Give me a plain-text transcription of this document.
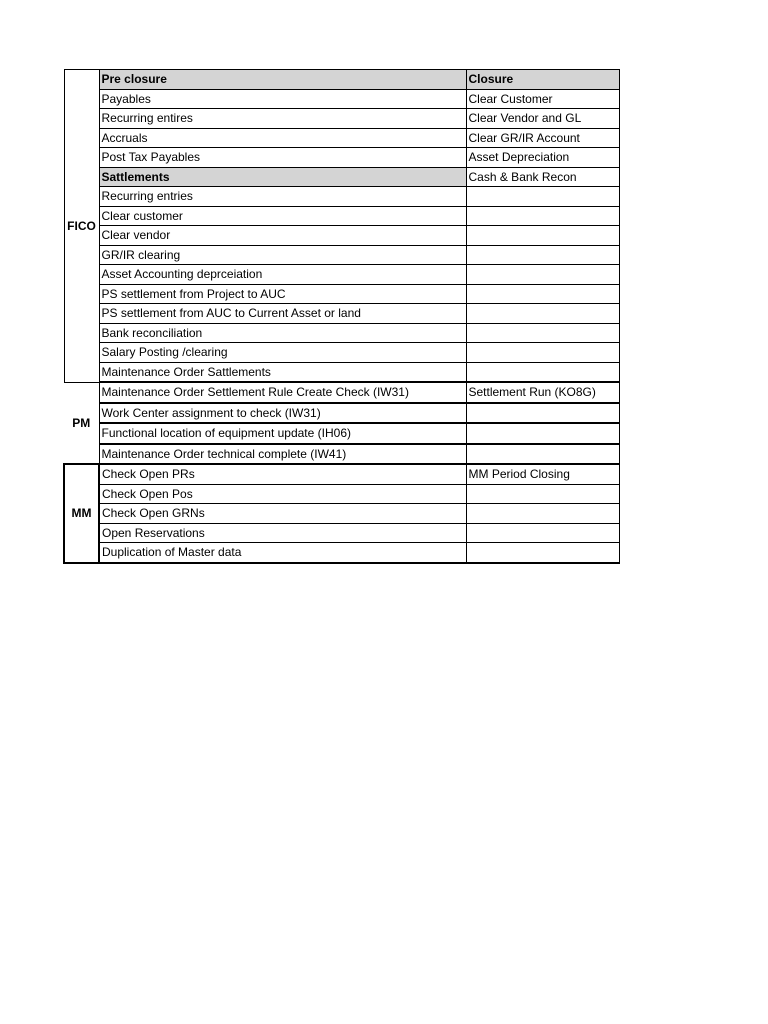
FICO	Pre closure	Closure
	Payables	Clear Customer
	Recurring entires	Clear Vendor and GL
	Accruals	Clear GR/IR Account
	Post Tax Payables	Asset Depreciation
	Sattlements	Cash & Bank Recon
	Recurring entries	
	Clear customer	
	Clear vendor	
	GR/IR clearing	
	Asset Accounting deprceiation	
	PS settlement from Project to AUC	
	PS settlement from AUC to Current Asset or land	
	Bank reconciliation	
	Salary Posting /clearing	
	Maintenance Order Sattlements	
PM	Maintenance Order Settlement Rule Create Check (IW31)	Settlement Run (KO8G)
	Work Center assignment to check (IW31)	
	Functional location of equipment update (IH06)	
	Maintenance Order technical complete (IW41)	
MM	Check Open PRs	MM Period Closing
	Check Open Pos	
	Check Open GRNs	
	Open Reservations	
	Duplication of Master data	
